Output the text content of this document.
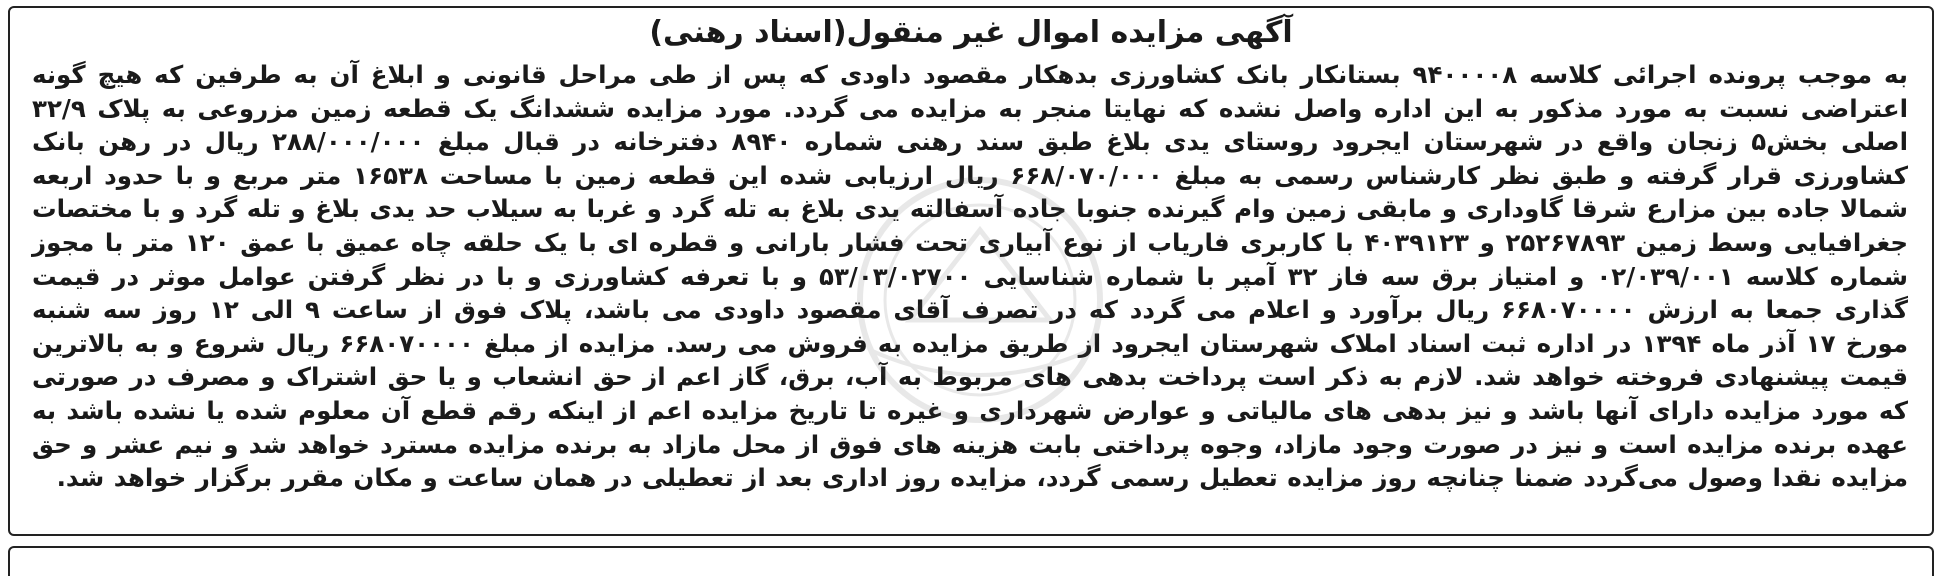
آگهی مزایده اموال غیر منقول(اسناد رهنی)

به موجب پرونده اجرائی کلاسه ۹۴۰۰۰۰۸ بستانکار بانک کشاورزی بدهکار مقصود داودی که پس از طی مراحل قانونی و ابلاغ آن به طرفین که هیچ گونه اعتراضی نسبت به مورد مذکور به این اداره واصل نشده که نهایتا منجر به مزایده می گردد. مورد مزایده ششدانگ یک قطعه زمین مزروعی به پلاک ۳۲/۹ اصلی بخش۵ زنجان واقع در شهرستان ایجرود روستای یدی بلاغ طبق سند رهنی شماره ۸۹۴۰ دفترخانه در قبال مبلغ ۲۸۸/۰۰۰/۰۰۰ ریال در رهن بانک کشاورزی قرار گرفته و طبق نظر کارشناس رسمی به مبلغ ۶۶۸/۰۷۰/۰۰۰ ریال ارزیابی شده این قطعه زمین با مساحت ۱۶۵۳۸ متر مربع و با حدود اربعه شمالا جاده بین مزارع شرقا گاوداری و مابقی زمین وام گیرنده جنوبا جاده آسفالته یدی بلاغ به تله گرد و غربا به سیلاب حد یدی بلاغ و تله گرد و با مختصات جغرافیایی وسط زمین ۲۵۲۶۷۸۹۳ و ۴۰۳۹۱۲۳ با کاربری فاریاب از نوع آبیاری تحت فشار بارانی و قطره ای با یک حلقه چاه عمیق با عمق ۱۲۰ متر با مجوز شماره کلاسه ۰۲/۰۳۹/۰۰۱ و امتیاز برق سه فاز ۳۲ آمپر با شماره شناسایی ۵۳/۰۳/۰۲۷۰۰ و با تعرفه کشاورزی و با در نظر گرفتن عوامل موثر در قیمت گذاری جمعا به ارزش ۶۶۸۰۷۰۰۰۰ ریال برآورد و اعلام می گردد که در تصرف آقای مقصود داودی می باشد، پلاک فوق از ساعت ۹ الی ۱۲ روز سه شنبه مورخ ۱۷ آذر ماه ۱۳۹۴ در اداره ثبت اسناد املاک شهرستان ایجرود از طریق مزایده به فروش می رسد. مزایده از مبلغ ۶۶۸۰۷۰۰۰۰ ریال شروع و به بالاترین قیمت پیشنهادی فروخته خواهد شد. لازم به ذکر است پرداخت بدهی های مربوط به آب، برق، گاز اعم از حق انشعاب و یا حق اشتراک و مصرف در صورتی که مورد مزایده دارای آنها باشد و نیز بدهی های مالیاتی و عوارض شهرداری و غیره تا تاریخ مزایده اعم از اینکه رقم قطع آن معلوم شده یا نشده باشد به عهده برنده مزایده است و نیز در صورت وجود مازاد، وجوه پرداختی بابت هزینه های فوق از محل مازاد به برنده مزایده مسترد خواهد شد و نیم عشر و حق مزایده نقدا وصول می‌گردد ضمنا چنانچه روز مزایده تعطیل رسمی گردد، مزایده روز اداری بعد از تعطیلی در همان ساعت و مکان مقرر برگزار خواهد شد.
